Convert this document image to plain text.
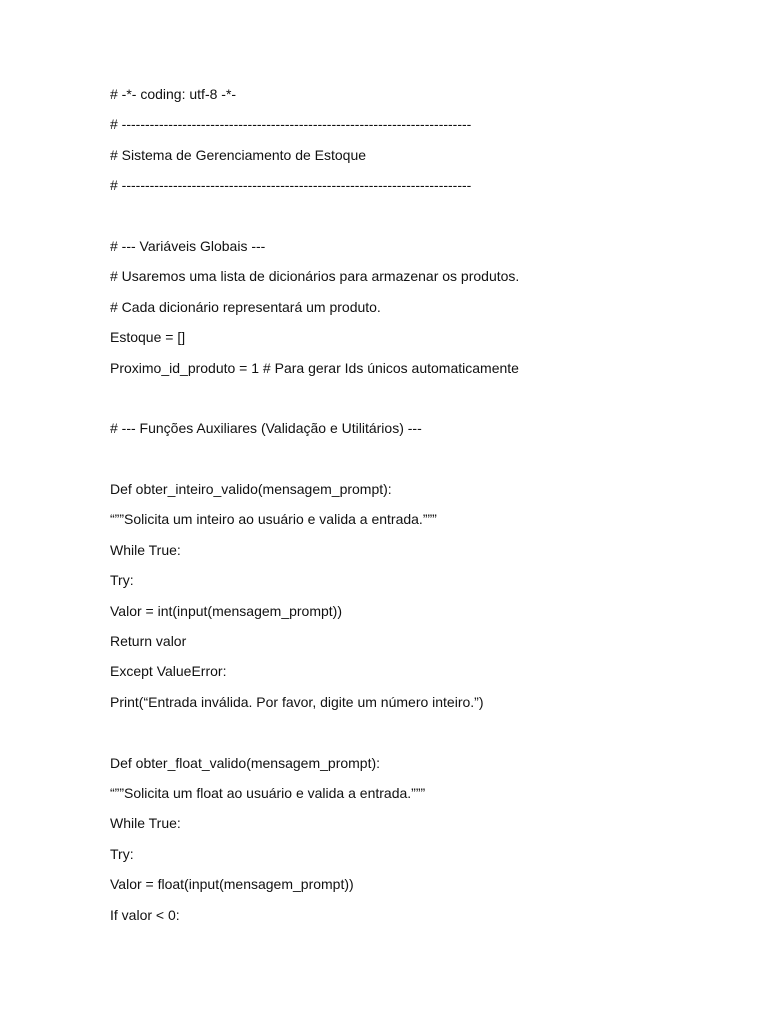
# -*- coding: utf-8 -*-
# ---------------------------------------------------------------------------
# Sistema de Gerenciamento de Estoque
# ---------------------------------------------------------------------------
# --- Variáveis Globais ---
# Usaremos uma lista de dicionários para armazenar os produtos.
# Cada dicionário representará um produto.
Estoque = []
Proximo_id_produto = 1 # Para gerar Ids únicos automaticamente
# --- Funções Auxiliares (Validação e Utilitários) ---
Def obter_inteiro_valido(mensagem_prompt):
“””Solicita um inteiro ao usuário e valida a entrada.”””
While True:
Try:
Valor = int(input(mensagem_prompt))
Return valor
Except ValueError:
Print(“Entrada inválida. Por favor, digite um número inteiro.”)
Def obter_float_valido(mensagem_prompt):
“””Solicita um float ao usuário e valida a entrada.”””
While True:
Try:
Valor = float(input(mensagem_prompt))
If valor < 0:
